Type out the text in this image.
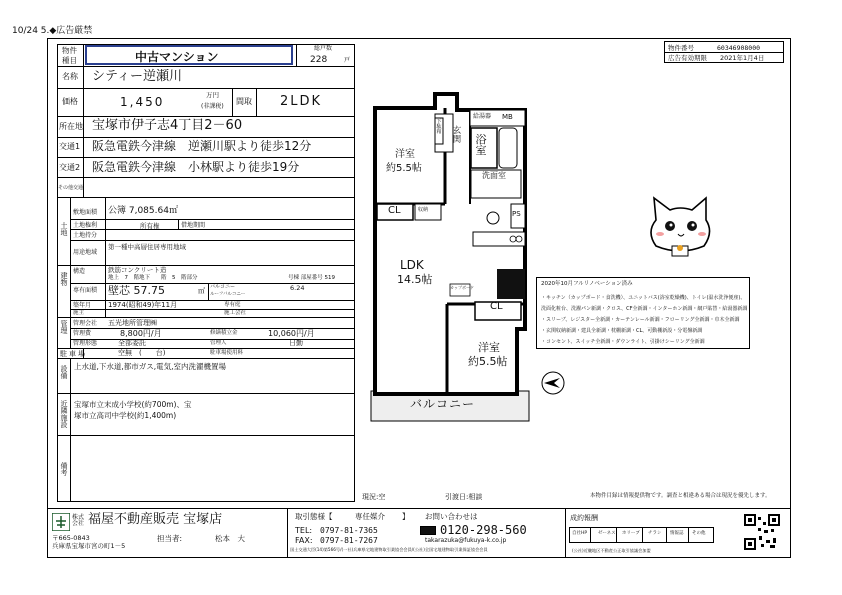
10/24 5.◆広告厳禁
物件番号	60346908000
広告有効期限 2021年1月4日
物件
種目	中古マンション
総戸数
228	戸
名称 シティー逆瀬川
価格	1,450	万円
(非課税)
間取 2LDK
所在地 宝塚市伊子志4丁目2－60
交通1 阪急電鉄今津線　逆瀬川駅より徒歩12分
交通2 阪急電鉄今津線　小林駅より徒歩19分
その他交通
土地
敷地面積 公簿 7,085.64㎡
土地権利	所有権	借地期間
土地持分
用途地域
第一種中高層住居専用地域
建物
構造	鉄筋コンクリート造
地上　7　階地下　　階　5　階部分	号棟 部屋番号 519
専有面積 壁芯 57.75	㎡ バルコニー	6.24
ルーフバルコニー
築年月 1974(昭和49)年11月	専有庭
施主	施工会社
管理 管理会社 五光地所管理㈱
管理費	8,800円/月	修繕積立金	10,060円/月
管理形態	全部委託	管理人	日勤
駐車場	空無　(　　台)	駐車場使用料
設備 上水道,下水道,都市ガス,電気,室内洗濯機置場
近隣施設 宝塚市立末成小学校(約700m)、宝
塚市立高司中学校(約1,400m)
備考
現況:空	引渡日:相談	本物件目録は情報提供物です。調査と相違ある場合は現況を優先します。
洋室
約5.5帖
CL
玄関
下駄箱
給湯器 MB
浴室
洗面室
PS
収納
LDK
14.5帖
カップボード
CL
洋室
約5.5帖
バルコニー
2020年10月フルリノベーション済み
・キッチン（カップボード・食洗機）、ユニットバス(浴室乾燥機)、トイレ(温水洗浄便座)、
洗面化粧台、洗濯パン新調・クロス、CF全新調・インターホン新調・網戸貼替・給湯器新調
・スリーブ、レジスター全新調・カーテンレール新調・フローリング全新調・巾木全新調
・玄関収納新調・建具全新調・枕棚新調・CL、可動棚新設・分電盤新調
・コンセント、スイッチ全新調・ダウンライト、引掛けシーリング全新調
株式会社 福屋不動産販売 宝塚店
〒665-0843
兵庫県宝塚市宮の町1－5
担当者:	松本　大
取引態様【	専任媒介 】 お問い合わせは
TEL: 0797-81-7365
FAX: 0797-81-7267
0120-298-560
takarazuka@fukuya-k.co.jp
国土交通大臣(14)第566号/(一社)兵庫県宅地建物取引業協会会員/(公社)全国宅地建物取引業保証協会会員
成約報酬
自社HP ゼーネス ホリーブ チラシ 情報誌 その他
(公社)近畿地区不動産公正取引協議会加盟
